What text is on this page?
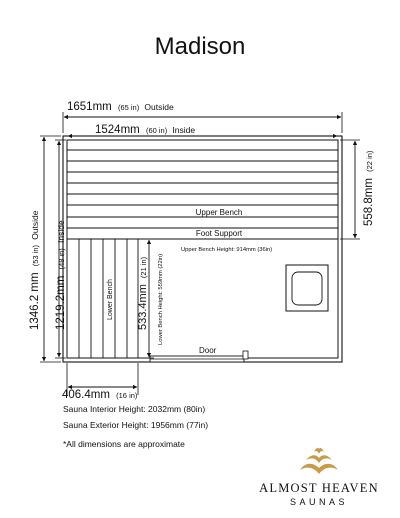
Madison
1651mm (65 in) Outside
1524mm (60 in) Inside
1346.2 mm (53 in) Outside
1219.2mm (48 in) Inside
558.8mm (22 in)
533.4mm (21 in) Lower Bench Height: 559mm (22in)
406.4mm (16 in)
Upper Bench
Foot Support
Upper Bench Height: 914mm (36in)
Lower Bench
Door
Sauna Interior Height: 2032mm (80in)
Sauna Exterior Height: 1956mm (77in)
*All dimensions are approximate
ALMOST HEAVEN
SAUNAS
